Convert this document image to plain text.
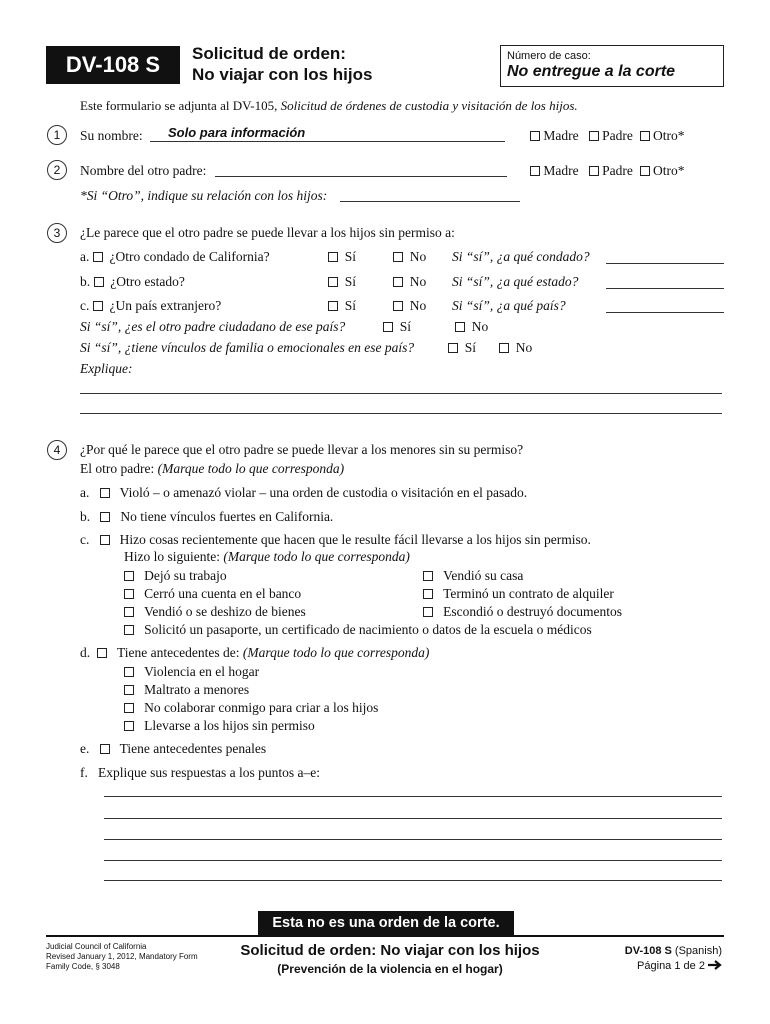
DV-108 S	Solicitud de orden:
No viajar con los hijos
Número de caso:
No entregue a la corte
Este formulario se adjunta al DV-105, Solicitud de órdenes de custodia y visitación de los hijos.
1	Su nombre: Solo para información	Madre Padre Otro*
2	Nombre del otro padre:	Madre Padre Otro*
*Si “Otro”, indique su relación con los hijos:
3	¿Le parece que el otro padre se puede llevar a los hijos sin permiso a:
a. ¿Otro condado de California?	Sí	No Si “sí”, ¿a qué condado?
b. ¿Otro estado?	Sí	No Si “sí”, ¿a qué estado?
c. ¿Un país extranjero?	Sí	No Si “sí”, ¿a qué país?
Si “sí”, ¿es el otro padre ciudadano de ese país?	Sí	No
Si “sí”, ¿tiene vínculos de familia o emocionales en ese país?	Sí	No
Explique:
4	¿Por qué le parece que el otro padre se puede llevar a los menores sin su permiso?
El otro padre: (Marque todo lo que corresponda)
a. Violó – o amenazó violar – una orden de custodia o visitación en el pasado.
b. No tiene vínculos fuertes en California.
c. Hizo cosas recientemente que hacen que le resulte fácil llevarse a los hijos sin permiso.
Hizo lo siguiente: (Marque todo lo que corresponda)
Dejó su trabajo	Vendió su casa
Cerró una cuenta en el banco	Terminó un contrato de alquiler
Vendió o se deshizo de bienes	Escondió o destruyó documentos
Solicitó un pasaporte, un certificado de nacimiento o datos de la escuela o médicos
d. Tiene antecedentes de: (Marque todo lo que corresponda)
Violencia en el hogar
Maltrato a menores
No colaborar conmigo para criar a los hijos
Llevarse a los hijos sin permiso
e. Tiene antecedentes penales
f. Explique sus respuestas a los puntos a–e:
Esta no es una orden de la corte.
Judicial Council of California
Revised January 1, 2012, Mandatory Form
Family Code, § 3048
Solicitud de orden: No viajar con los hijos
(Prevención de la violencia en el hogar)
DV-108 S (Spanish)
Página 1 de 2
